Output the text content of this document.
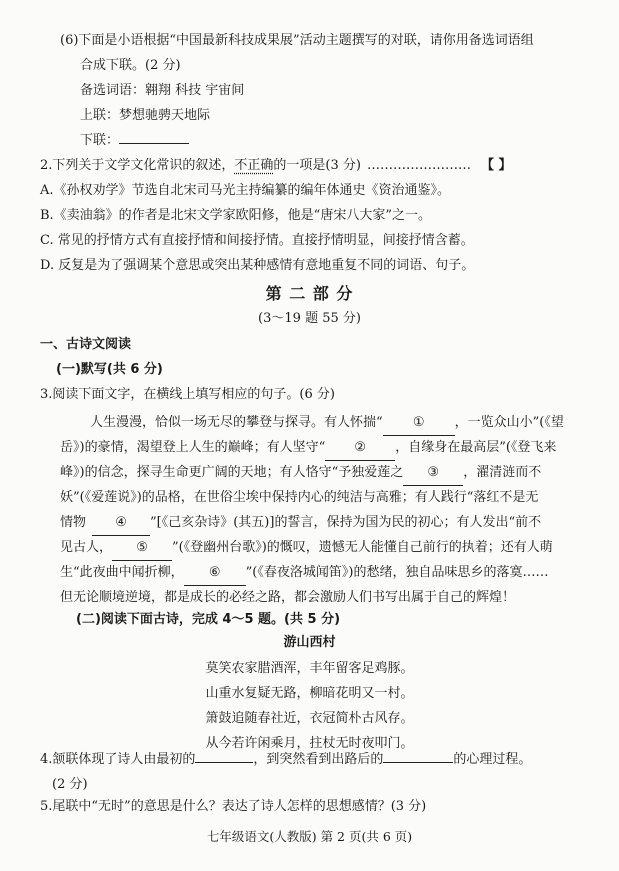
(6)下面是小语根据“中国最新科技成果展”活动主题撰写的对联，请你用备选词语组
合成下联。(2 分)
备选词语：翱翔 科技 宇宙间
上联：梦想驰骋天地际
下联：
2.下列关于文学文化常识的叙述，不正确的一项是(3 分) …………………… 【 】
A.《孙权劝学》节选自北宋司马光主持编纂的编年体通史《资治通鉴》。
B.《卖油翁》的作者是北宋文学家欧阳修，他是“唐宋八大家”之一。
C. 常见的抒情方式有直接抒情和间接抒情。直接抒情明显，间接抒情含蓄。
D. 反复是为了强调某个意思或突出某种感情有意地重复不同的词语、句子。
第 二 部 分
(3～19 题 55 分)
一、古诗文阅读
(一)默写(共 6 分)
3.阅读下面文字，在横线上填写相应的句子。(6 分)
人生漫漫，恰似一场无尽的攀登与探寻。有人怀揣“ ① ，一览众山小”(《望
岳》)的豪情，渴望登上人生的巅峰；有人坚守“ ② ，自缘身在最高层”(《登飞来
峰》)的信念，探寻生命更广阔的天地；有人恪守“予独爱莲之 ③ ，濯清涟而不
妖”(《爱莲说》)的品格，在世俗尘埃中保持内心的纯洁与高雅；有人践行“落红不是无
情物 ④ ”[《己亥杂诗》(其五)]的誓言，保持为国为民的初心；有人发出“前不
见古人， ⑤ ”(《登幽州台歌》)的慨叹，遗憾无人能懂自己前行的执着；还有人萌
生“此夜曲中闻折柳， ⑥ ”(《春夜洛城闻笛》)的愁绪，独自品味思乡的落寞……
但无论顺境逆境，都是成长的必经之路，都会激励人们书写出属于自己的辉煌！
(二)阅读下面古诗，完成 4～5 题。(共 5 分)
游山西村
莫笑农家腊酒浑，丰年留客足鸡豚。
山重水复疑无路，柳暗花明又一村。
箫鼓追随春社近，衣冠简朴古风存。
从今若许闲乘月，拄杖无时夜叩门。
4.颔联体现了诗人由最初的	，到突然看到出路后的	的心理过程。
(2 分)
5.尾联中“无时”的意思是什么？表达了诗人怎样的思想感情？(3 分)
七年级语文(人教版) 第 2 页(共 6 页)
